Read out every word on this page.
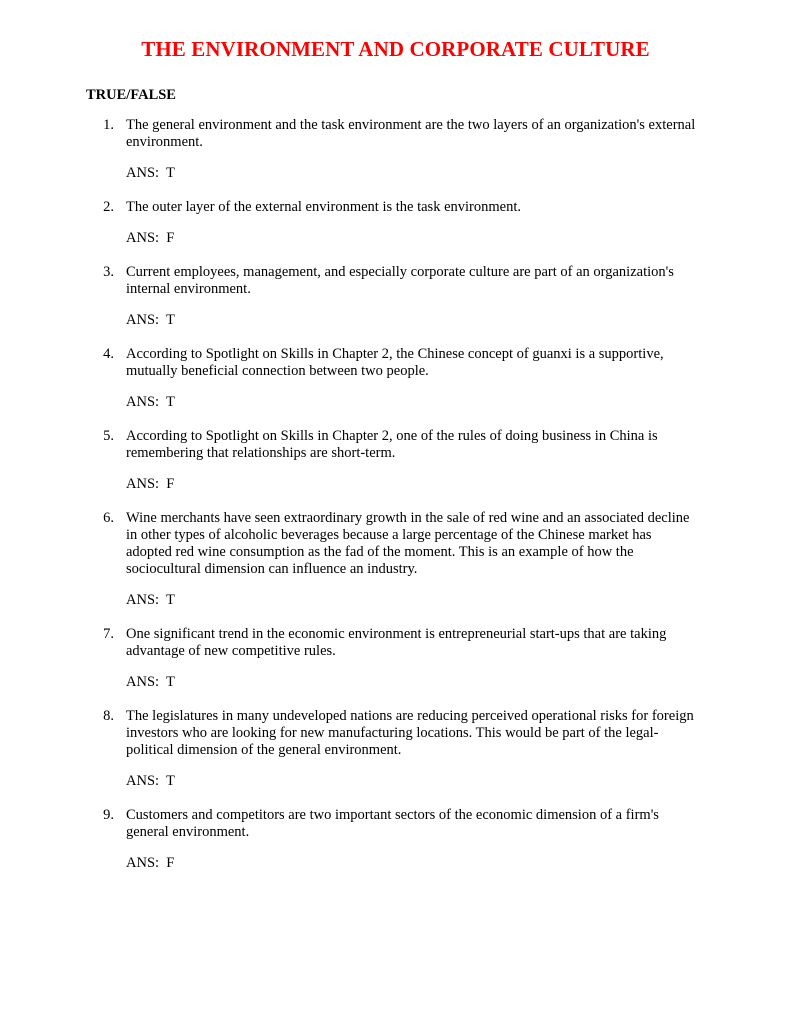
THE ENVIRONMENT AND CORPORATE CULTURE
TRUE/FALSE
1. The general environment and the task environment are the two layers of an organization's external environment.
ANS:  T
2. The outer layer of the external environment is the task environment.
ANS:  F
3. Current employees, management, and especially corporate culture are part of an organization's internal environment.
ANS:  T
4. According to Spotlight on Skills in Chapter 2, the Chinese concept of guanxi is a supportive, mutually beneficial connection between two people.
ANS:  T
5. According to Spotlight on Skills in Chapter 2, one of the rules of doing business in China is remembering that relationships are short-term.
ANS:  F
6. Wine merchants have seen extraordinary growth in the sale of red wine and an associated decline in other types of alcoholic beverages because a large percentage of the Chinese market has adopted red wine consumption as the fad of the moment. This is an example of how the sociocultural dimension can influence an industry.
ANS:  T
7. One significant trend in the economic environment is entrepreneurial start-ups that are taking advantage of new competitive rules.
ANS:  T
8. The legislatures in many undeveloped nations are reducing perceived operational risks for foreign investors who are looking for new manufacturing locations. This would be part of the legal-political dimension of the general environment.
ANS:  T
9. Customers and competitors are two important sectors of the economic dimension of a firm's general environment.
ANS:  F
